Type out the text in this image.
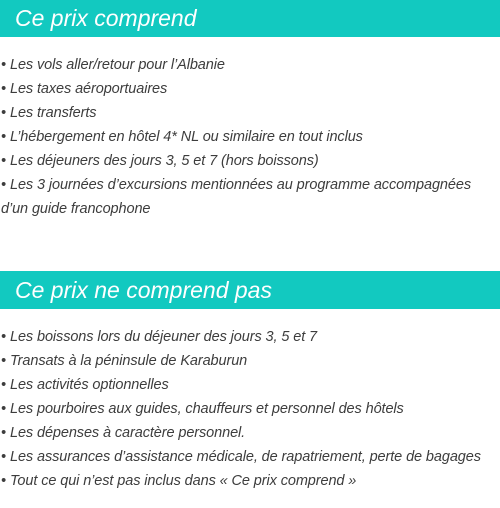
Ce prix comprend
• Les vols aller/retour pour l’Albanie
• Les taxes aéroportuaires
• Les transferts
• L’hébergement en hôtel 4* NL ou similaire en tout inclus
• Les déjeuners des jours 3, 5 et 7 (hors boissons)
• Les 3 journées d’excursions mentionnées au programme accompagnées d’un guide francophone
Ce prix ne comprend pas
• Les boissons lors du déjeuner des jours 3, 5 et 7
• Transats à la péninsule de Karaburun
• Les activités optionnelles
• Les pourboires aux guides, chauffeurs et personnel des hôtels
• Les dépenses à caractère personnel.
• Les assurances d’assistance médicale, de rapatriement, perte de bagages
• Tout ce qui n’est pas inclus dans « Ce prix comprend »
